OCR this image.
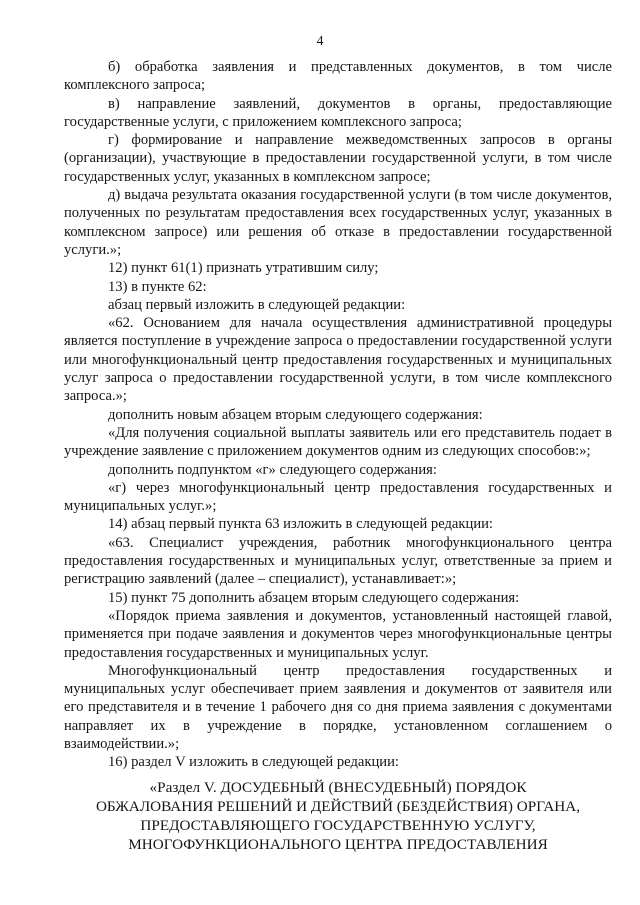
4

б) обработка заявления и представленных документов, в том числе комплексного запроса;

в) направление заявлений, документов в органы, предоставляющие государственные услуги, с приложением комплексного запроса;

г) формирование и направление межведомственных запросов в органы (организации), участвующие в предоставлении государственной услуги, в том числе государственных услуг, указанных в комплексном запросе;

д) выдача результата оказания государственной услуги (в том числе документов, полученных по результатам предоставления всех государственных услуг, указанных в комплексном запросе) или решения об отказе в предоставлении государственной услуги.»;

12) пункт 61(1) признать утратившим силу;

13) в пункте 62:

абзац первый изложить в следующей редакции:

«62. Основанием для начала осуществления административной процедуры является поступление в учреждение запроса о предоставлении государственной услуги или многофункциональный центр предоставления государственных и муниципальных услуг запроса о предоставлении государственной услуги, в том числе комплексного запроса.»;

дополнить новым абзацем вторым следующего содержания:

«Для получения социальной выплаты заявитель или его представитель подает в учреждение заявление с приложением документов одним из следующих способов:»;

дополнить подпунктом «г» следующего содержания:

«г) через многофункциональный центр предоставления государственных и муниципальных услуг.»;

14) абзац первый пункта 63 изложить в следующей редакции:

«63. Специалист учреждения, работник многофункционального центра предоставления государственных и муниципальных услуг, ответственные за прием и регистрацию заявлений (далее – специалист), устанавливает:»;

15) пункт 75 дополнить абзацем вторым следующего содержания:

«Порядок приема заявления и документов, установленный настоящей главой, применяется при подаче заявления и документов через многофункциональные центры предоставления государственных и муниципальных услуг.

Многофункциональный центр предоставления государственных и муниципальных услуг обеспечивает прием заявления и документов от заявителя или его представителя и в течение 1 рабочего дня со дня приема заявления с документами направляет их в учреждение в порядке, установленном соглашением о взаимодействии.»;

16) раздел V изложить в следующей редакции:

«Раздел V. ДОСУДЕБНЫЙ (ВНЕСУДЕБНЫЙ) ПОРЯДОК
ОБЖАЛОВАНИЯ РЕШЕНИЙ И ДЕЙСТВИЙ (БЕЗДЕЙСТВИЯ) ОРГАНА,
ПРЕДОСТАВЛЯЮЩЕГО ГОСУДАРСТВЕННУЮ УСЛУГУ,
МНОГОФУНКЦИОНАЛЬНОГО ЦЕНТРА ПРЕДОСТАВЛЕНИЯ
